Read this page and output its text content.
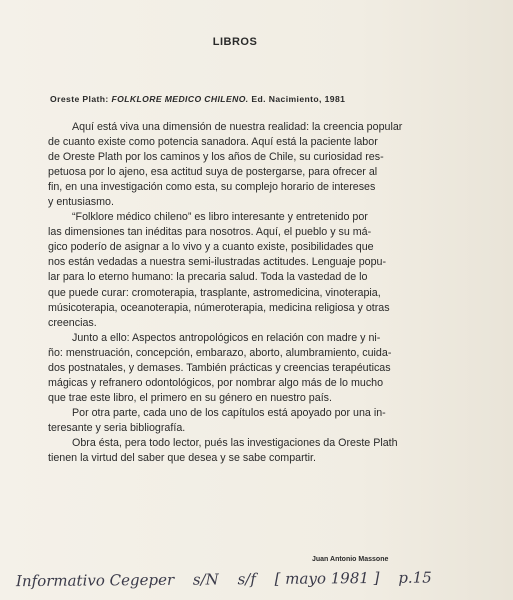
LIBROS
Oreste Plath: FOLKLORE MEDICO CHILENO. Ed. Nacimiento, 1981

Aquí está viva una dimensión de nuestra realidad: la creencia popular
de cuanto existe como potencia sanadora. Aquí está la paciente labor
de Oreste Plath por los caminos y los años de Chile, su curiosidad res-
petuosa por lo ajeno, esa actitud suya de postergarse, para ofrecer al
fin, en una investigación como esta, su complejo horario de intereses
y entusiasmo.

“Folklore médico chileno” es libro interesante y entretenido por
las dimensiones tan inéditas para nosotros. Aquí, el pueblo y su má-
gico poderío de asignar a lo vivo y a cuanto existe, posibilidades que
nos están vedadas a nuestra semi-ilustradas actitudes. Lenguaje popu-
lar para lo eterno humano: la precaria salud. Toda la vastedad de lo
que puede curar: cromoterapia, trasplante, astromedicina, vinoterapia,
músicoterapia, oceanoterapia, númeroterapia, medicina religiosa y otras
creencias.

Junto a ello: Aspectos antropológicos en relación con madre y ni-
ño: menstruación, concepción, embarazo, aborto, alumbramiento, cuida-
dos postnatales, y demases. También prácticas y creencias terapéuticas
mágicas y refranero odontológicos, por nombrar algo más de lo mucho
que trae este libro, el primero en su género en nuestro país.

Por otra parte, cada uno de los capítulos está apoyado por una in-
teresante y seria bibliografía.

Obra ésta, pera todo lector, pués las investigaciones da Oreste Plath
tienen la virtud del saber que desea y se sabe compartir.

Juan Antonio Massone
Informativo Cegeper s/N s/f [ mayo 1981 ] p.15
